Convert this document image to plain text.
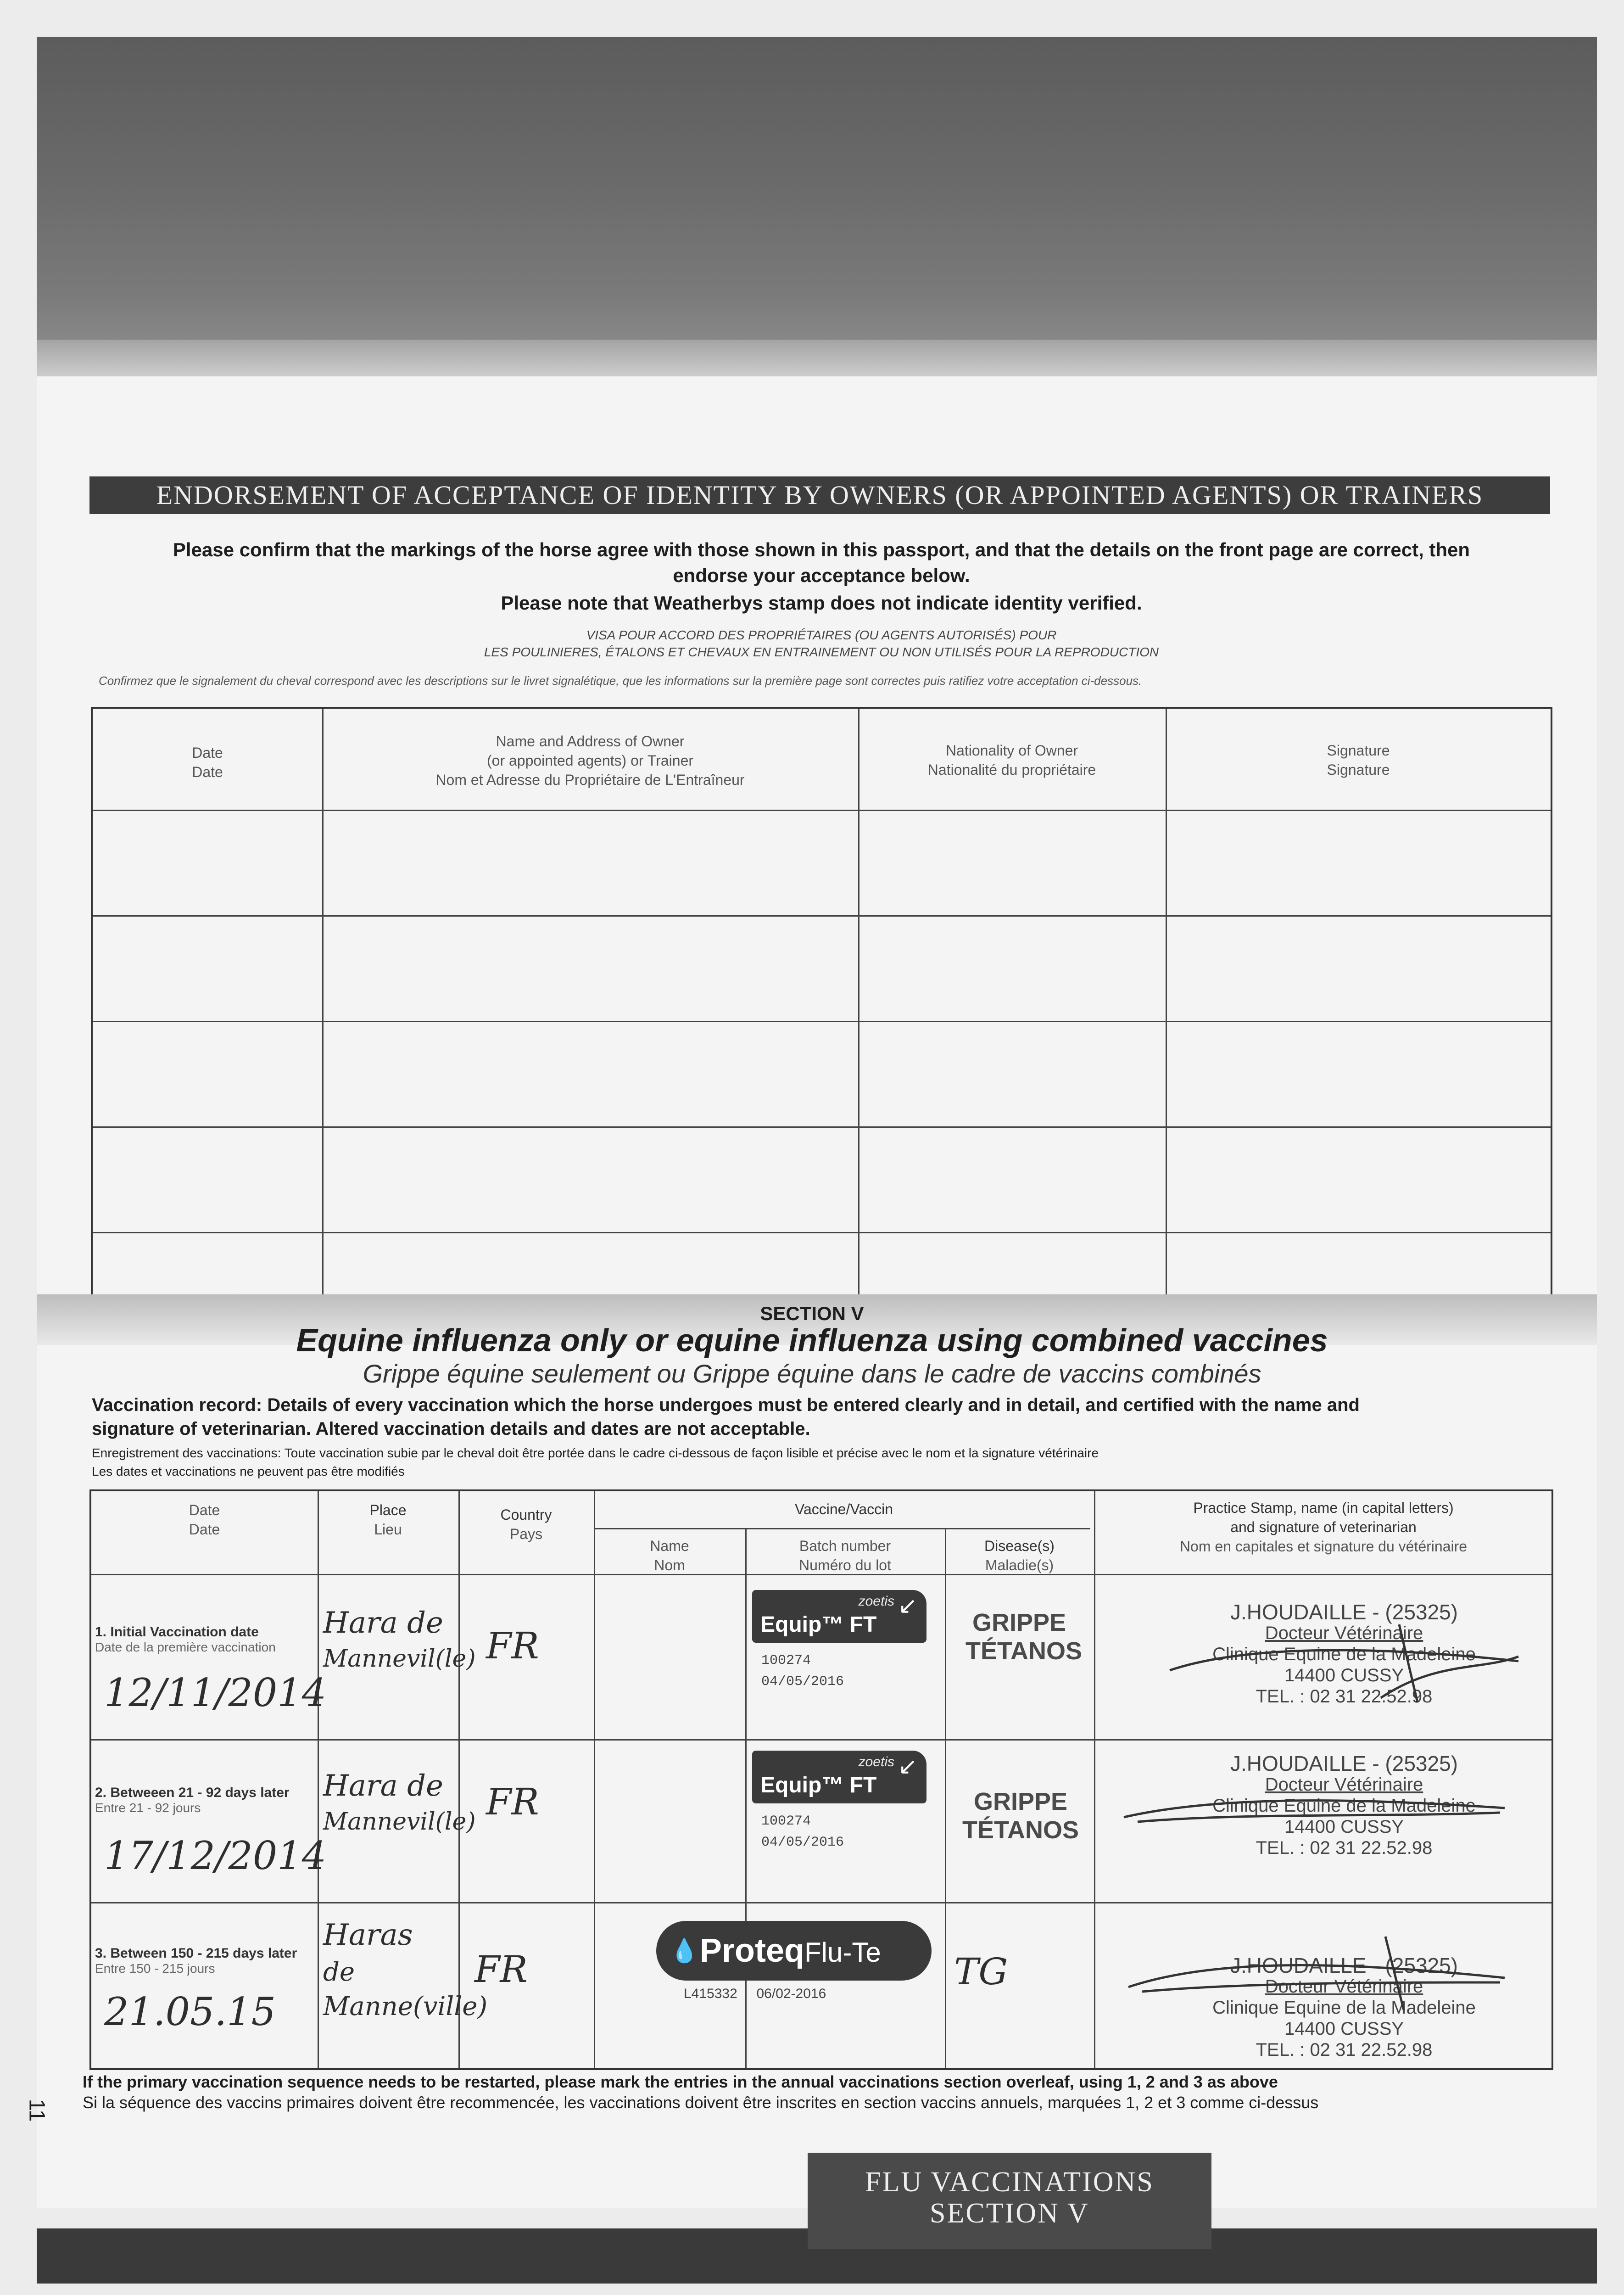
ENDORSEMENT OF ACCEPTANCE OF IDENTITY BY OWNERS (OR APPOINTED AGENTS) OR TRAINERS
Please confirm that the markings of the horse agree with those shown in this passport, and that the details on the front page are correct, then
endorse your acceptance below.
Please note that Weatherbys stamp does not indicate identity verified.
VISA POUR ACCORD DES PROPRIÉTAIRES (OU AGENTS AUTORISÉS) POUR
LES POULINIERES, ÉTALONS ET CHEVAUX EN ENTRAINEMENT OU NON UTILISÉS POUR LA REPRODUCTION
Confirmez que le signalement du cheval correspond avec les descriptions sur le livret signalétique, que les informations sur la première page sont correctes puis ratifiez votre acceptation ci-dessous.
Date
Date
Name and Address of Owner
(or appointed agents) or Trainer
Nom et Adresse du Propriétaire de L'Entraîneur
Nationality of Owner
Nationalité du propriétaire
Signature
Signature
SECTION V
Equine influenza only or equine influenza using combined vaccines
Grippe équine seulement ou Grippe équine dans le cadre de vaccins combinés
Vaccination record: Details of every vaccination which the horse undergoes must be entered clearly and in detail, and certified with the name and
signature of veterinarian. Altered vaccination details and dates are not acceptable.
Enregistrement des vaccinations: Toute vaccination subie par le cheval doit être portée dans le cadre ci-dessous de façon lisible et précise avec le nom et la signature vétérinaire
Les dates et vaccinations ne peuvent pas être modifiés
Date
Date
Place
Lieu
Country
Pays
Vaccine/Vaccin
Name
Nom
Batch number
Numéro du lot
Disease(s)
Maladie(s)
Practice Stamp, name (in capital letters)
and signature of veterinarian
Nom en capitales et signature du vétérinaire
1. Initial Vaccination date
Date de la première vaccination
12/11/2014
Hara de
Mannevil(le) FR
zoetis ↙
Equip™ FT
100274
04/05/2016
GRIPPE
TÉTANOS
J.HOUDAILLE - (25325)
Docteur Vétérinaire
Clinique Equine de la Madeleine
14400 CUSSY
TEL. : 02 31 22.52.98
2. Betweeen 21 - 92 days later
Entre 21 - 92 jours
17/12/2014
Hara de
Mannevil(le) FR
zoetis ↙
Equip™ FT
100274
04/05/2016
GRIPPE
TÉTANOS
J.HOUDAILLE - (25325)
Docteur Vétérinaire
Clinique Equine de la Madeleine
14400 CUSSY
TEL. : 02 31 22.52.98
3. Between 150 - 215 days later
Entre 150 - 215 jours
21.05.15
Haras
de
Manne(ville)
FR	TG	J.HOUDAILLE - (25325)
Docteur Vétérinaire
Clinique Equine de la Madeleine
14400 CUSSY
TEL. : 02 31 22.52.98
💧 ProteqFlu-Te
L415332 06/02-2016
If the primary vaccination sequence needs to be restarted, please mark the entries in the annual vaccinations section overleaf, using 1, 2 and 3 as above
Si la séquence des vaccins primaires doivent être recommencée, les vaccinations doivent être inscrites en section vaccins annuels, marquées 1, 2 et 3 comme ci-dessus
11
FLU VACCINATIONS
SECTION V
